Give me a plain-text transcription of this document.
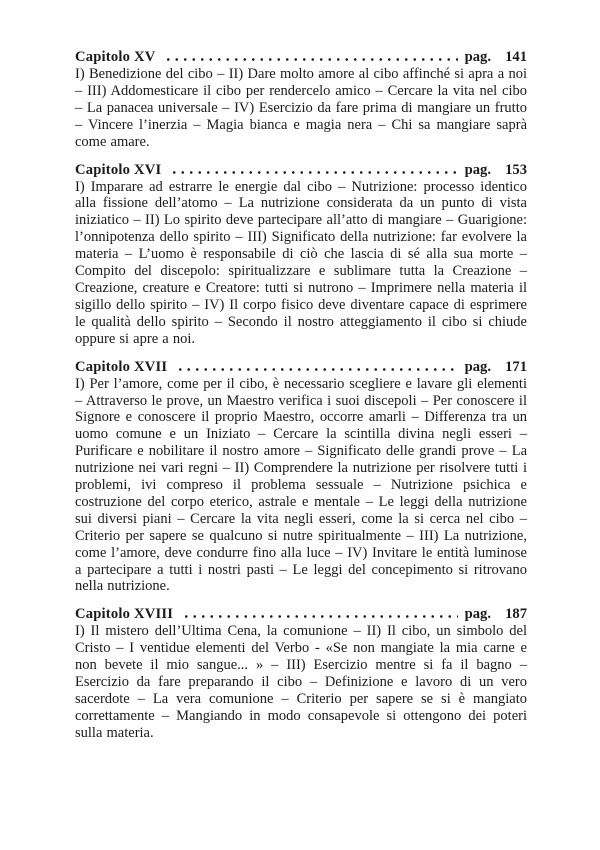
Capitolo XV	pag. 141

I) Benedizione del cibo – II) Dare molto amore al cibo affinché si apra a noi – III) Addomesticare il cibo per rendercelo amico – Cercare la vita nel cibo – La panacea universale – IV) Esercizio da fare prima di mangiare un frutto – Vincere l’inerzia – Magia bianca e magia nera – Chi sa mangiare saprà come amare.

Capitolo XVI	pag. 153

I) Imparare ad estrarre le energie dal cibo – Nutrizione: processo identico alla fissione dell’atomo – La nutrizione considerata da un punto di vista iniziatico – II) Lo spirito deve partecipare all’atto di mangiare – Guarigione: l’onnipotenza dello spirito – III) Significato della nutrizione: far evolvere la materia – L’uomo è responsabile di ciò che lascia di sé alla sua morte – Compito del discepolo: spiritualizzare e sublimare tutta la Creazione – Creazione, creature e Creatore: tutti si nutrono – Imprimere nella materia il sigillo dello spirito – IV) Il corpo fisico deve diventare capace di esprimere le qualità dello spirito – Secondo il nostro atteggiamento il cibo si chiude oppure si apre a noi.

Capitolo XVII	pag. 171

I) Per l’amore, come per il cibo, è necessario scegliere e lavare gli elementi – Attraverso le prove, un Maestro verifica i suoi discepoli – Per conoscere il Signore e conoscere il proprio Maestro, occorre amarli – Differenza tra un uomo comune e un Iniziato – Cercare la scintilla divina negli esseri – Purificare e nobilitare il nostro amore – Significato delle grandi prove – La nutrizione nei vari regni – II) Comprendere la nutrizione per risolvere tutti i problemi, ivi compreso il problema sessuale – Nutrizione psichica e costruzione del corpo eterico, astrale e mentale – Le leggi della nutrizione sui diversi piani – Cercare la vita negli esseri, come la si cerca nel cibo – Criterio per sapere se qualcuno si nutre spiritualmente – III) La nutrizione, come l’amore, deve condurre fino alla luce – IV) Invitare le entità luminose a partecipare a tutti i nostri pasti – Le leggi del concepimento si ritrovano nella nutrizione.

Capitolo XVIII	pag. 187

I) Il mistero dell’Ultima Cena, la comunione – II) Il cibo, un simbolo del Cristo – I ventidue elementi del Verbo - «Se non mangiate la mia carne e non bevete il mio sangue... » – III) Esercizio mentre si fa il bagno – Esercizio da fare preparando il cibo – Definizione e lavoro di un vero sacerdote – La vera comunione – Criterio per sapere se si è mangiato correttamente – Mangiando in modo consapevole si ottengono dei poteri sulla materia.
